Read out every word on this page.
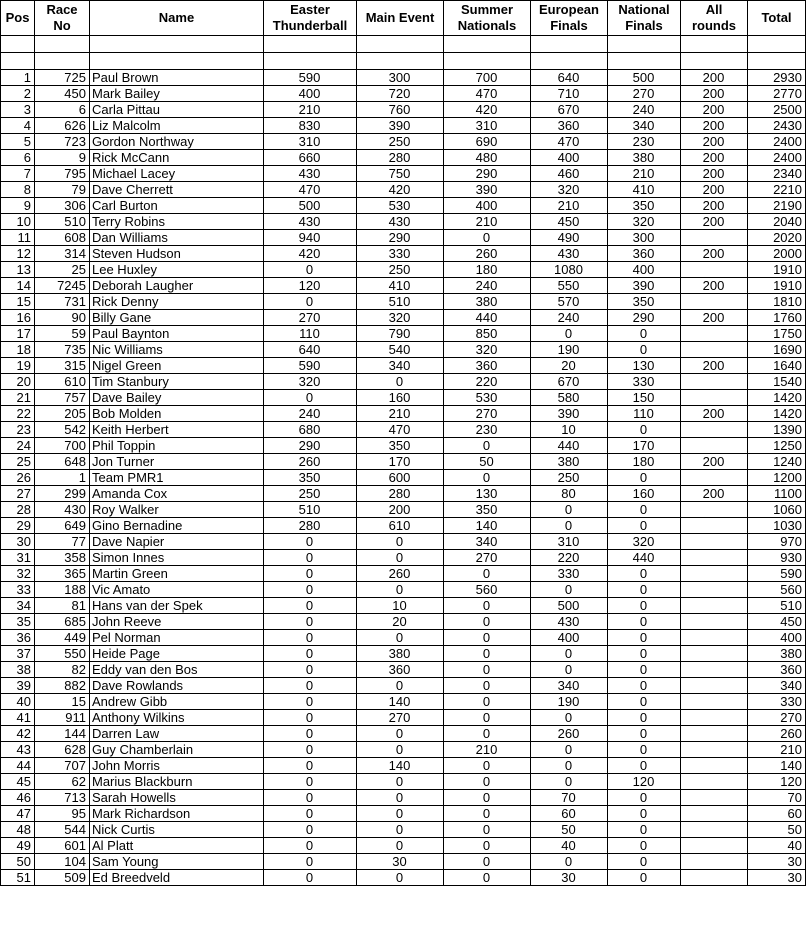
Pos	Race No	Name	Easter Thunderball	Main Event	Summer Nationals	European Finals	National Finals	All rounds	Total

1	725	Paul Brown	590	300	700	640	500	200	2930
2	450	Mark Bailey	400	720	470	710	270	200	2770
3	6	Carla Pittau	210	760	420	670	240	200	2500
4	626	Liz Malcolm	830	390	310	360	340	200	2430
5	723	Gordon Northway	310	250	690	470	230	200	2400
6	9	Rick McCann	660	280	480	400	380	200	2400
7	795	Michael Lacey	430	750	290	460	210	200	2340
8	79	Dave Cherrett	470	420	390	320	410	200	2210
9	306	Carl Burton	500	530	400	210	350	200	2190
10	510	Terry Robins	430	430	210	450	320	200	2040
11	608	Dan Williams	940	290	0	490	300		2020
12	314	Steven Hudson	420	330	260	430	360	200	2000
13	25	Lee Huxley	0	250	180	1080	400		1910
14	7245	Deborah Laugher	120	410	240	550	390	200	1910
15	731	Rick Denny	0	510	380	570	350		1810
16	90	Billy Gane	270	320	440	240	290	200	1760
17	59	Paul Baynton	110	790	850	0	0		1750
18	735	Nic Williams	640	540	320	190	0		1690
19	315	Nigel Green	590	340	360	20	130	200	1640
20	610	Tim Stanbury	320	0	220	670	330		1540
21	757	Dave Bailey	0	160	530	580	150		1420
22	205	Bob Molden	240	210	270	390	110	200	1420
23	542	Keith Herbert	680	470	230	10	0		1390
24	700	Phil Toppin	290	350	0	440	170		1250
25	648	Jon Turner	260	170	50	380	180	200	1240
26	1	Team PMR1	350	600	0	250	0		1200
27	299	Amanda Cox	250	280	130	80	160	200	1100
28	430	Roy Walker	510	200	350	0	0		1060
29	649	Gino Bernadine	280	610	140	0	0		1030
30	77	Dave Napier	0	0	340	310	320		970
31	358	Simon Innes	0	0	270	220	440		930
32	365	Martin Green	0	260	0	330	0		590
33	188	Vic Amato	0	0	560	0	0		560
34	81	Hans van der Spek	0	10	0	500	0		510
35	685	John Reeve	0	20	0	430	0		450
36	449	Pel Norman	0	0	0	400	0		400
37	550	Heide Page	0	380	0	0	0		380
38	82	Eddy van den Bos	0	360	0	0	0		360
39	882	Dave Rowlands	0	0	0	340	0		340
40	15	Andrew Gibb	0	140	0	190	0		330
41	911	Anthony Wilkins	0	270	0	0	0		270
42	144	Darren Law	0	0	0	260	0		260
43	628	Guy Chamberlain	0	0	210	0	0		210
44	707	John Morris	0	140	0	0	0		140
45	62	Marius Blackburn	0	0	0	0	120		120
46	713	Sarah Howells	0	0	0	70	0		70
47	95	Mark Richardson	0	0	0	60	0		60
48	544	Nick Curtis	0	0	0	50	0		50
49	601	Al Platt	0	0	0	40	0		40
50	104	Sam Young	0	30	0	0	0		30
51	509	Ed Breedveld	0	0	0	30	0		30
